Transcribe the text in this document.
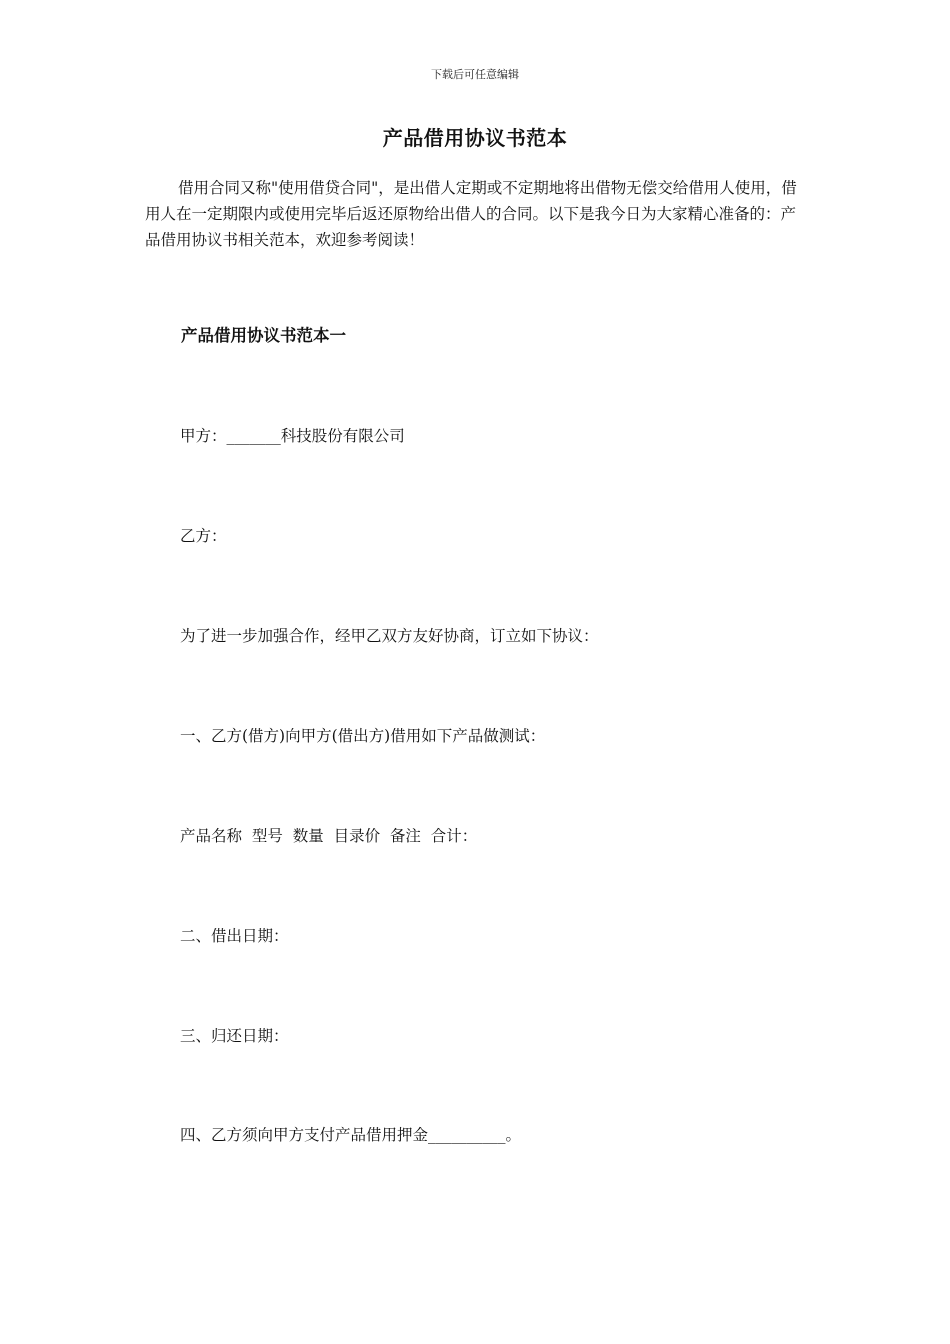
下载后可任意编辑
产品借用协议书范本

借用合同又称"使用借贷合同"，是出借人定期或不定期地将出借物无偿交给借用人使用，借用人在一定期限内或使用完毕后返还原物给出借人的合同。以下是我今日为大家精心准备的：产品借用协议书相关范本，欢迎参考阅读！

产品借用协议书范本一

甲方：_______科技股份有限公司

乙方：

为了进一步加强合作，经甲乙双方友好协商，订立如下协议：

一、乙方(借方)向甲方(借出方)借用如下产品做测试：

产品名称  型号  数量  目录价  备注  合计：

二、借出日期：

三、归还日期：

四、乙方须向甲方支付产品借用押金__________。
